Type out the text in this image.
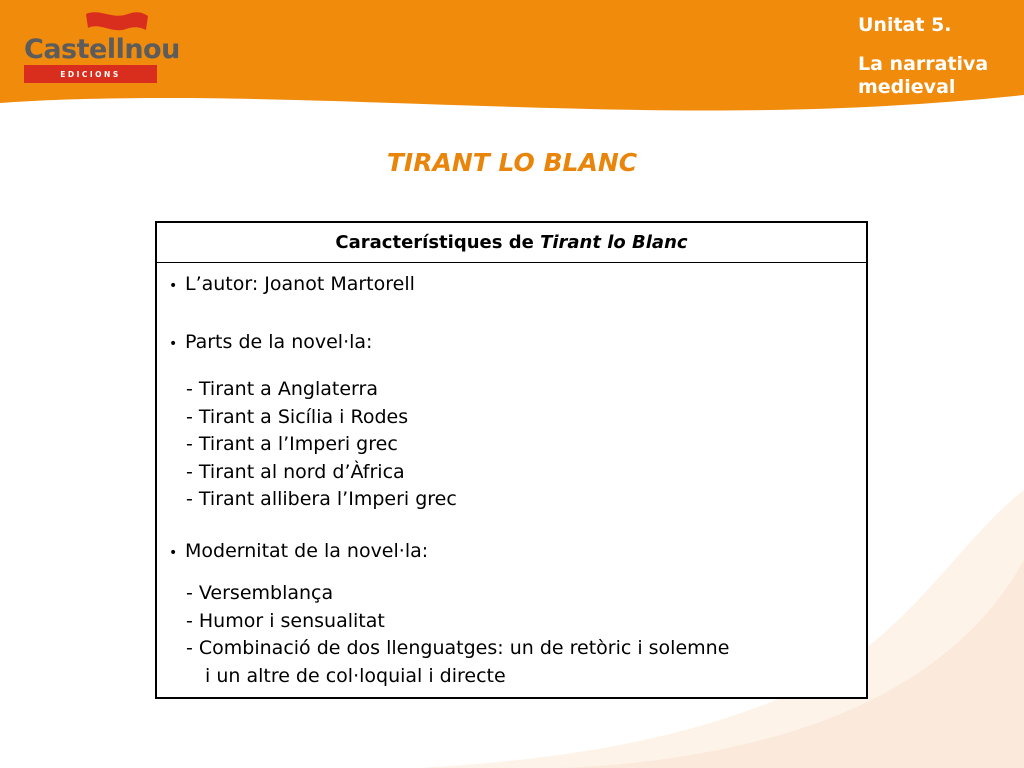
Castellnou
EDICIONS
Unitat 5.
La narrativa medieval
TIRANT LO BLANC
Característiques de Tirant lo Blanc
• L’autor: Joanot Martorell
• Parts de la novel·la:
- Tirant a Anglaterra
- Tirant a Sicília i Rodes
- Tirant a l’Imperi grec
- Tirant al nord d’Àfrica
- Tirant allibera l’Imperi grec
• Modernitat de la novel·la:
- Versemblança
- Humor i sensualitat
- Combinació de dos llenguatges: un de retòric i solemne
i un altre de col·loquial i directe
